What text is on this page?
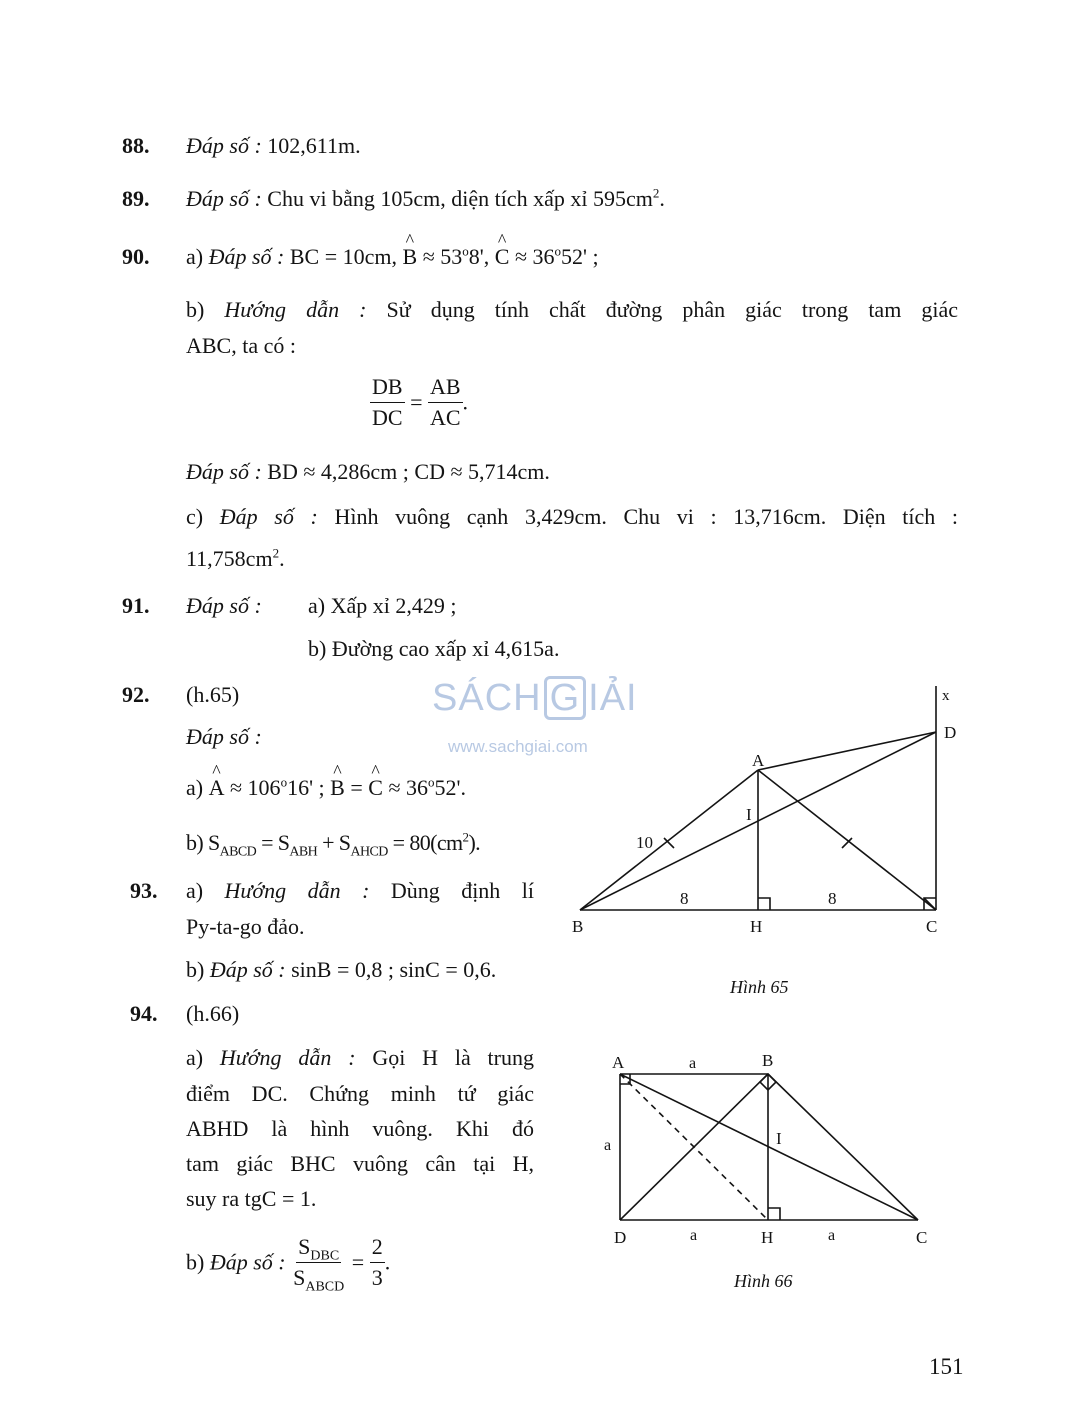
SÁCH G IẢI
www.sachgiai.com
88. Đáp số : 102,611m.
89. Đáp số : Chu vi bằng 105cm, diện tích xấp xỉ $595cm^2$.
90. a) Đáp số : BC = 10cm, ^ $B \approx 53^o8'$, ^ $C \approx 36^o52'$ ;
b) Hướng dẫn : Sử dụng tính chất đường phân giác trong tam giác
ABC, ta có :
$\frac{DB}{DC} = \frac{AB}{AC}$ .
Đáp số : BD ≈ 4,286cm ; CD ≈ 5,714cm.
c) Đáp số : Hình vuông cạnh 3,429cm. Chu vi : 13,716cm. Diện tích :
$11,758cm^2$.
91. Đáp số : a) Xấp xỉ 2,429 ;
b) Đường cao xấp xỉ 4,615a.
92. (h.65)
Đáp số :
a) ^ $A \approx 106^o16'$ ; ^ B = ^ $C \approx 36^o52'$.
b) $S_{ABCD} = S_{ABH} + S_{AHCD} = 80(cm^2)$.
93. a) Hướng dẫn : Dùng định lí
Py-ta-go đảo.
b) Đáp số : sinB = 0,8 ; sinC = 0,6.
94. (h.66)
a) Hướng dẫn : Gọi H là trung
điểm DC. Chứng minh tứ giác
ABHD là hình vuông. Khi đó
tam giác BHC vuông cân tại H,
suy ra tgC = 1.
b) Đáp số : $\frac{S_{DBC}}{S_{ABCD}} = \frac{2}{3}$ .
A
B	C
D
H
I
x
10
8	8
Hình 65
A	B
C
D	H
I
a
a
a	a
Hình 66
151
